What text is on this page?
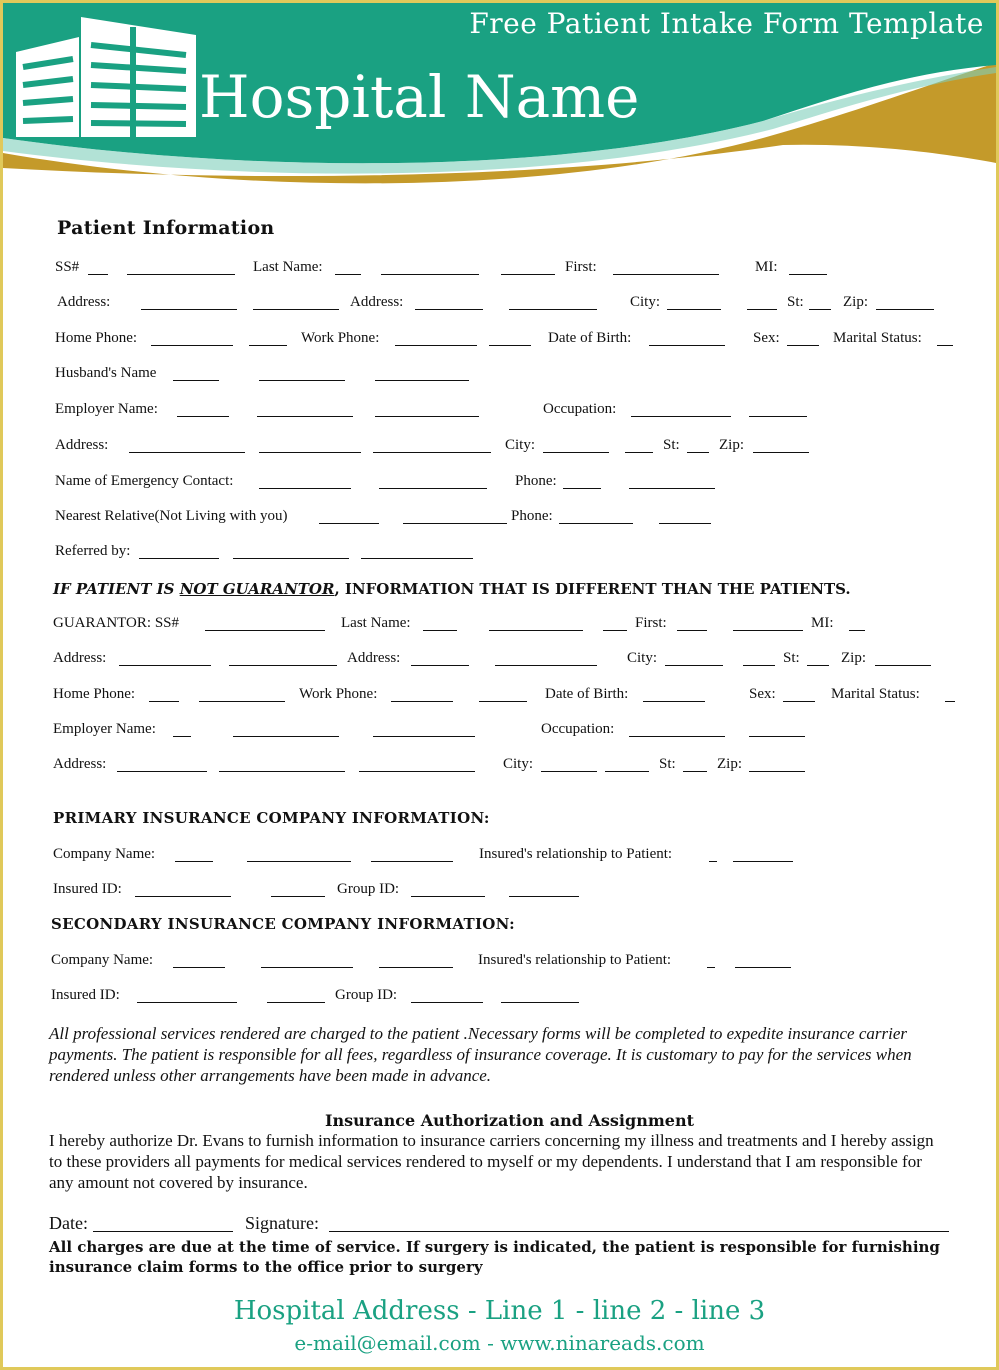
Free Patient Intake Form Template
Hospital Name
Patient Information
SS#	Last Name:	First:	MI:
Address:	Address:	City:	St:	Zip:
Home Phone:	Work Phone:	Date of Birth:	Sex:	Marital Status:
Husband's Name
Employer Name:	Occupation:
Address:	City:	St:	Zip:
Name of Emergency Contact:	Phone:
Nearest Relative(Not Living with you)	Phone:
Referred by:
IF PATIENT IS NOT GUARANTOR, INFORMATION THAT IS DIFFERENT THAN THE PATIENTS.
GUARANTOR: SS#	Last Name:	First:	MI:
Address:	Address:	City:	St:	Zip:
Home Phone:	Work Phone:	Date of Birth:	Sex:	Marital Status:
Employer Name:	Occupation:
Address:	City:	St:	Zip:
PRIMARY INSURANCE COMPANY INFORMATION:
Company Name:	Insured's relationship to Patient:
Insured ID:	Group ID:
SECONDARY INSURANCE COMPANY INFORMATION:
Company Name:	Insured's relationship to Patient:
Insured ID:	Group ID:
All professional services rendered are charged to the patient .Necessary forms will be completed to expedite insurance carrier payments. The patient is responsible for all fees, regardless of insurance coverage. It is customary to pay for the services when rendered unless other arrangements have been made in advance.
Insurance Authorization and Assignment
I hereby authorize Dr. Evans to furnish information to insurance carriers concerning my illness and treatments and I hereby assign to these providers all payments for medical services rendered to myself or my dependents. I understand that I am responsible for any amount not covered by insurance.
Date:	Signature:
All charges are due at the time of service. If surgery is indicated, the patient is responsible for furnishing insurance claim forms to the office prior to surgery
Hospital Address - Line 1 - line 2 - line 3
e-mail@email.com - www.ninareads.com
